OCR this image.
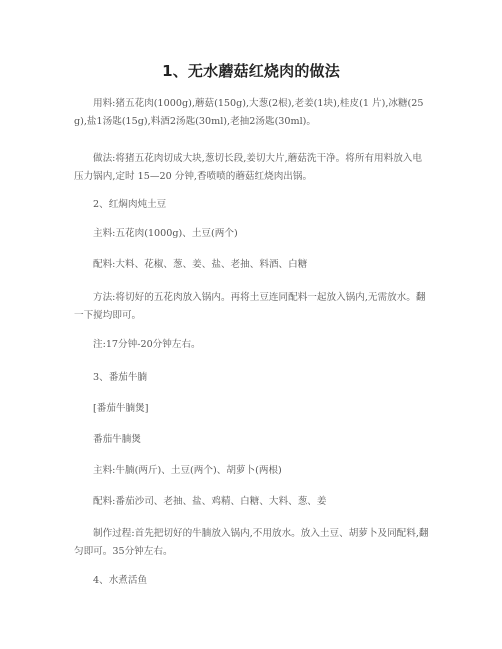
1、无水蘑菇红烧肉的做法

用料:猪五花肉(1000g),蘑菇(150g),大葱(2根),老姜(1块),桂皮(1 片),冰糖(25g),盐1汤匙(15g),料酒2汤匙(30ml),老抽2汤匙(30ml)。

做法:将猪五花肉切成大块,葱切长段,姜切大片,蘑菇洗干净。将所有用料放入电压力锅内,定时 15—20 分钟,香喷喷的蘑菇红烧肉出锅。

2、红焖肉炖土豆

主料:五花肉(1000g)、土豆(两个)

配料:大料、花椒、葱、姜、盐、老抽、料酒、白糖

方法:将切好的五花肉放入锅内。再将土豆连同配料一起放入锅内,无需放水。翻一下搅均即可。

注:17分钟-20分钟左右。

3、番茄牛腩

[番茄牛腩煲]

番茄牛腩煲

主料:牛腩(两斤)、土豆(两个)、胡萝卜(两根)

配料:番茄沙司、老抽、盐、鸡精、白糖、大料、葱、姜

制作过程:首先把切好的牛腩放入锅内,不用放水。放入土豆、胡萝卜及同配料,翻匀即可。35分钟左右。

4、水煮活鱼
